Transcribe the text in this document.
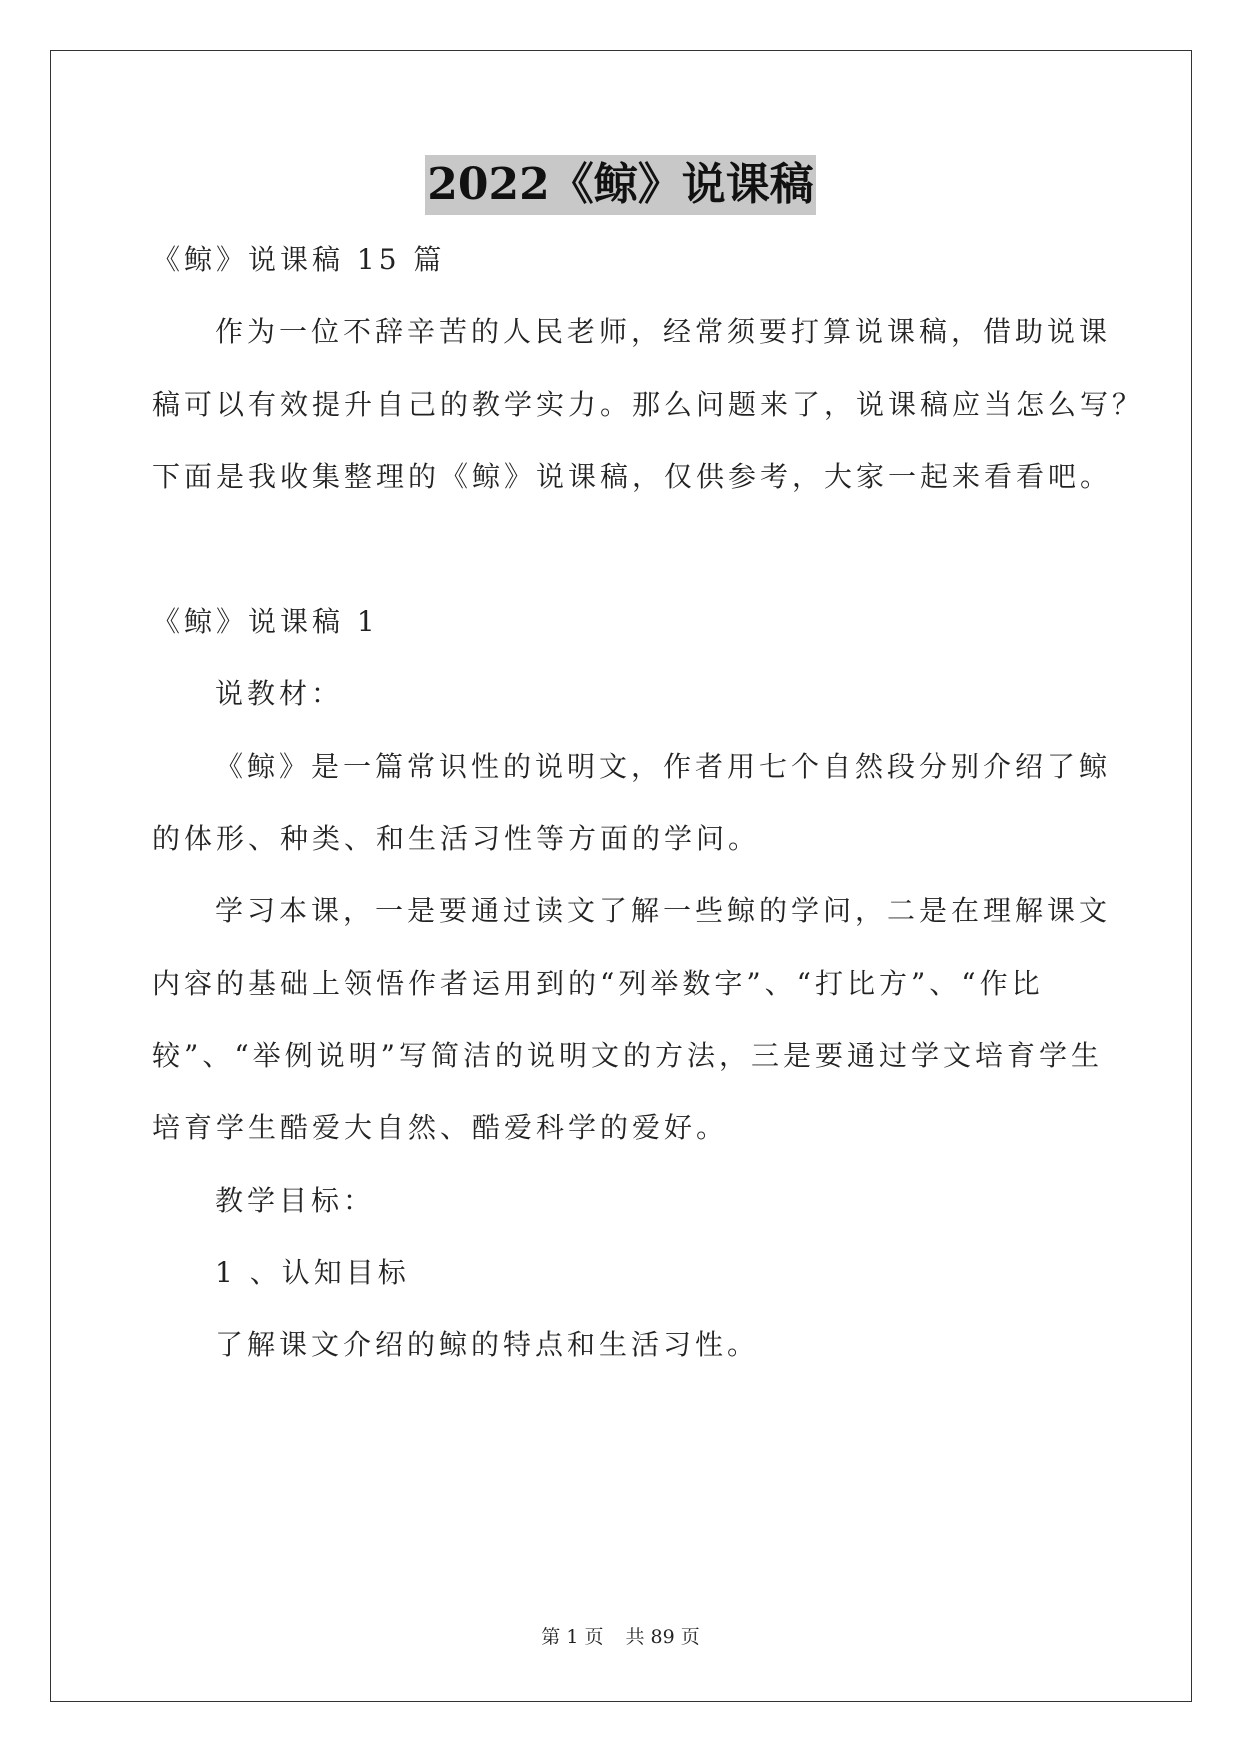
2022《鲸》说课稿
《鲸》说课稿 15 篇
作为一位不辞辛苦的人民老师，经常须要打算说课稿，借助说课
稿可以有效提升自己的教学实力。那么问题来了，说课稿应当怎么写？
下面是我收集整理的《鲸》说课稿，仅供参考，大家一起来看看吧。
《鲸》说课稿 1
说教材：
《鲸》是一篇常识性的说明文，作者用七个自然段分别介绍了鲸
的体形、种类、和生活习性等方面的学问。
学习本课，一是要通过读文了解一些鲸的学问，二是在理解课文
内容的基础上领悟作者运用到的“列举数字”、“打比方”、“作比
较”、“举例说明”写简洁的说明文的方法，三是要通过学文培育学生
培育学生酷爱大自然、酷爱科学的爱好。
教学目标：
1 、认知目标
了解课文介绍的鲸的特点和生活习性。
第 1 页 共 89 页
